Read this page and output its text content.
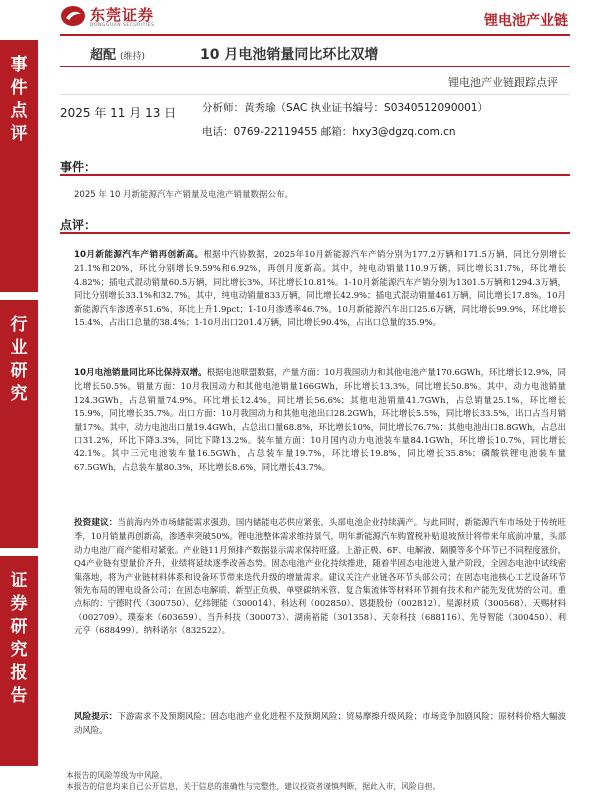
东莞证券
DONGGUAN SECURITIES	锂电池产业链
事
件
点
评
行
业
研
究
证
券
研
究
报
告
超配 (维持)	10 月电池销量同比环比双增
锂电池产业链跟踪点评
2025 年 11 月 13 日 分析师：黄秀瑜（SAC 执业证书编号：S0340512090001）
电话：0769-22119455 邮箱：hxy3@dgzq.com.cn
事件：
2025 年 10 月新能源汽车产销量及电池产销量数据公布。
点评：
10月新能源汽车产销再创新高。根据中汽协数据，2025年10月新能源汽车产销分别为177.2万辆和171.5万辆，同比分别增长21.1%和20%，环比分别增长9.59%和6.92%，再创月度新高。其中，纯电动销量110.9万辆，同比增长31.7%，环比增长4.82%；插电式混动销量60.5万辆，同比增长3%，环比增长10.81%。1-10月新能源汽车产销分别为1301.5万辆和1294.3万辆，同比分别增长33.1%和32.7%。其中，纯电动销量833万辆，同比增长42.9%；插电式混动销量461万辆，同比增长17.8%。10月新能源汽车渗透率51.6%，环比上升1.9pct；1-10月渗透率46.7%。10月新能源汽车出口25.6万辆，同比增长99.9%，环比增长15.4%，占出口总量的38.4%；1-10月出口201.4万辆，同比增长90.4%，占出口总量的35.9%。
10月电池销量同比环比保持双增。根据电池联盟数据，产量方面：10月我国动力和其他电池产量170.6GWh，环比增长12.9%，同比增长50.5%。销量方面：10月我国动力和其他电池销量166GWh，环比增长13.3%，同比增长50.8%。其中，动力电池销量124.3GWh，占总销量74.9%，环比增长12.4%，同比增长56.6%；其他电池销量41.7GWh，占总销量25.1%，环比增长15.9%，同比增长35.7%。出口方面：10月我国动力和其他电池出口28.2GWh，环比增长5.5%，同比增长33.5%，出口占当月销量17%。其中，动力电池出口量19.4GWh，占总出口量68.8%，环比增长10%，同比增长76.7%；其他电池出口8.8GWh，占总出口31.2%，环比下降3.3%，同比下降13.2%。装车量方面：10月国内动力电池装车量84.1GWh，环比增长10.7%，同比增长42.1%。其中三元电池装车量16.5GWh，占总装车量19.7%，环比增长19.8%，同比增长35.8%；磷酸铁锂电池装车量67.5GWh，占总装车量80.3%，环比增长8.6%，同比增长43.7%。
投资建议：当前海内外市场储能需求强劲，国内储能电芯供应紧张，头部电池企业持续满产。与此同时，新能源汽车市场处于传统旺季，10月销量再创新高，渗透率突破50%。锂电池整体需求维持景气，明年新能源汽车购置税补贴退坡预计将带来年底前冲量，头部动力电池厂商产能相对紧张。产业链11月预排产数据显示需求保持旺盛。上游正极、6F、电解液、隔膜等多个环节已不同程度涨价，Q4产业链有望量价齐升，业绩将延续逐季改善态势。固态电池产业化持续推进，随着半固态电池进入量产阶段，全固态电池中试线密集落地，将为产业链材料体系和设备环节带来迭代升级的增量需求。建议关注产业链各环节头部公司；在固态电池核心工艺设备环节领先布局的锂电设备公司；在固态电解质、新型正负极、单壁碳纳米管、复合集流体等材料环节拥有技术和产能先发优势的公司。重点标的：宁德时代（300750）、亿纬锂能（300014）、科达利（002850）、恩捷股份（002812）、星源材质（300568）、天赐材料（002709）、璞泰来（603659）、当升科技（300073）、湖南裕能（301358）、天奈科技（688116）、先导智能（300450）、利元亨（688499）、纳科诺尔（832522）。
风险提示：下游需求不及预期风险；固态电池产业化进程不及预期风险；贸易摩擦升级风险；市场竞争加剧风险；原材料价格大幅波动风险。
本报告的风险等级为中风险。
本报告的信息均来自已公开信息，关于信息的准确性与完整性，建议投资者谨慎判断，据此入市，风险自担。
